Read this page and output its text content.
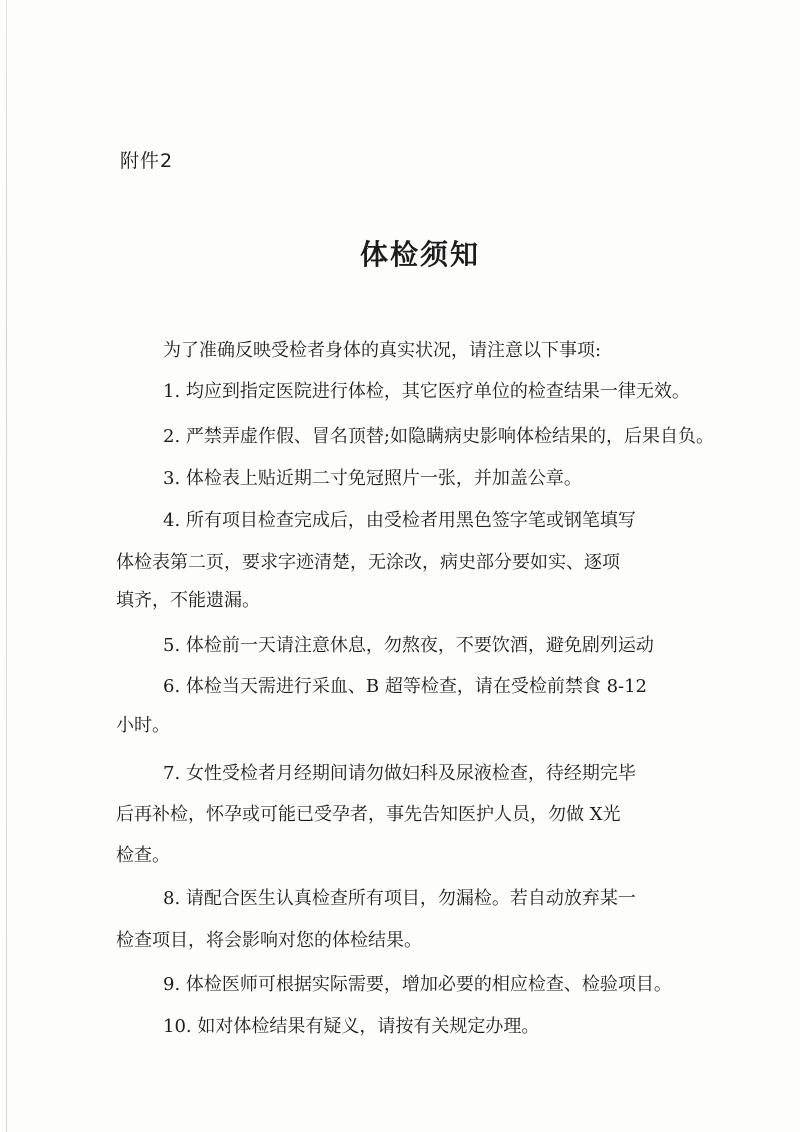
附件2
体检须知
为了准确反映受检者身体的真实状况，请注意以下事项:
1. 均应到指定医院进行体检，其它医疗单位的检查结果一律无效。
2. 严禁弄虚作假、冒名顶替;如隐瞒病史影响体检结果的，后果自负。
3. 体检表上贴近期二寸免冠照片一张，并加盖公章。
4. 所有项目检查完成后，由受检者用黑色签字笔或钢笔填写
体检表第二页，要求字迹清楚，无涂改，病史部分要如实、逐项
填齐，不能遗漏。
5. 体检前一天请注意休息，勿熬夜，不要饮酒，避免剧列运动
6. 体检当天需进行采血、B 超等检查，请在受检前禁食 8-12
小时。
7. 女性受检者月经期间请勿做妇科及尿液检查，待经期完毕
后再补检，怀孕或可能已受孕者，事先告知医护人员，勿做 X光
检查。
8. 请配合医生认真检查所有项目，勿漏检。若自动放弃某一
检查项目，将会影响对您的体检结果。
9. 体检医师可根据实际需要，增加必要的相应检查、检验项目。
10. 如对体检结果有疑义，请按有关规定办理。
